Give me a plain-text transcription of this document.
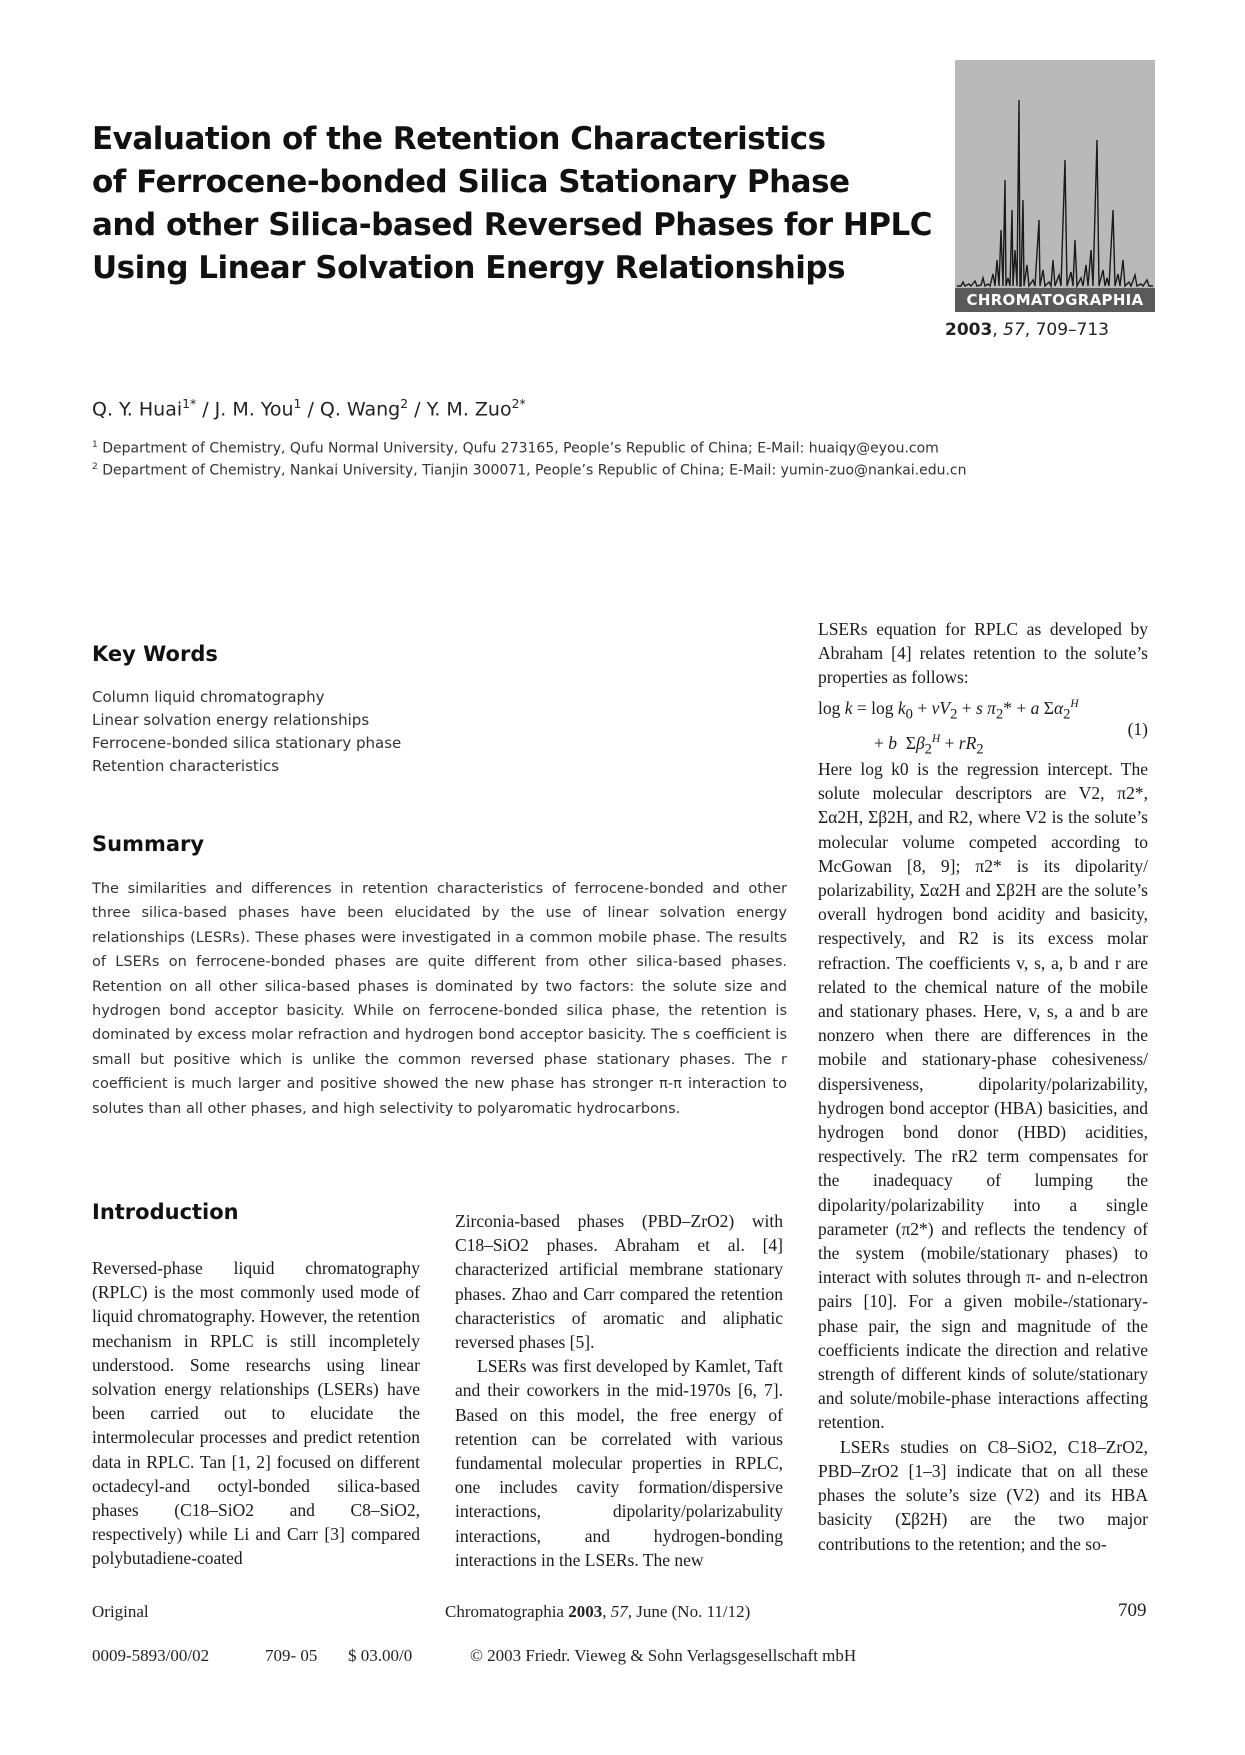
Evaluation of the Retention Characteristics
of Ferrocene-bonded Silica Stationary Phase
and other Silica-based Reversed Phases for HPLC
Using Linear Solvation Energy Relationships
CHROMATOGRAPHIA
2003, 57, 709–713
Q. Y. Huai$^{1*}$ / J. M. You$^1$ / Q. Wang$^2$ / Y. M. Zuo$^{2*}$
$^1$ Department of Chemistry, Qufu Normal University, Qufu 273165, People’s Republic of China; E-Mail: huaiqy@eyou.com
$^2$ Department of Chemistry, Nankai University, Tianjin 300071, People’s Republic of China; E-Mail: yumin-zuo@nankai.edu.cn
Key Words
Column liquid chromatography
Linear solvation energy relationships
Ferrocene-bonded silica stationary phase
Retention characteristics
Summary
The similarities and differences in retention characteristics of ferrocene-bonded and other three silica-based phases have been elucidated by the use of linear solvation energy relationships (LESRs). These phases were investigated in a common mobile phase. The results of LSERs on ferrocene-bonded phases are quite different from other silica-based phases. Retention on all other silica-based phases is dominated by two factors: the solute size and hydrogen bond acceptor basicity. While on ferrocene-bonded silica phase, the retention is dominated by excess molar refraction and hydrogen bond acceptor basicity. The s coefficient is small but positive which is unlike the common reversed phase stationary phases. The r coefficient is much larger and positive showed the new phase has stronger π-π interaction to solutes than all other phases, and high selectivity to polyaromatic hydrocarbons.
Introduction

Reversed-phase liquid chromatography (RPLC) is the most commonly used mode of liquid chromatography. However, the retention mechanism in RPLC is still incompletely understood. Some researchs using linear solvation energy relationships (LSERs) have been carried out to elucidate the intermolecular processes and predict retention data in RPLC. Tan [1, 2] focused on different octadecyl-and octyl-bonded silica-based phases (C18–SiO2 and C8–SiO2, respectively) while Li and Carr [3] compared polybutadiene-coated

Zirconia-based phases (PBD–ZrO2) with C18–SiO2 phases. Abraham et al. [4] characterized artificial membrane stationary phases. Zhao and Carr compared the retention characteristics of aromatic and aliphatic reversed phases [5].

LSERs was first developed by Kamlet, Taft and their coworkers in the mid-1970s [6, 7]. Based on this model, the free energy of retention can be correlated with various fundamental molecular properties in RPLC, one includes cavity formation/dispersive interactions, dipolarity/polarizabulity interactions, and hydrogen-bonding interactions in the LSERs. The new

LSERs equation for RPLC as developed by Abraham [4] relates retention to the solute’s properties as follows:

$\log k = \log k_0 + vV_2 + s$ $\pi_2* + a$ $\Sigma\alpha_2^H$
+ b  $\Sigma\beta_2^H + rR_2$
(1)

Here log k0 is the regression intercept. The solute molecular descriptors are V2, π2*, Σα2H, Σβ2H, and R2, where V2 is the solute’s molecular volume competed according to McGowan [8, 9]; π2* is its dipolarity/ polarizability, Σα2H and Σβ2H are the solute’s overall hydrogen bond acidity and basicity, respectively, and R2 is its excess molar refraction. The coefficients v, s, a, b and r are related to the chemical nature of the mobile and stationary phases. Here, v, s, a and b are nonzero when there are differences in the mobile and stationary-phase cohesiveness/ dispersiveness, dipolarity/polarizability, hydrogen bond acceptor (HBA) basicities, and hydrogen bond donor (HBD) acidities, respectively. The rR2 term compensates for the inadequacy of lumping the dipolarity/polarizability into a single parameter (π2*) and reflects the tendency of the system (mobile/stationary phases) to interact with solutes through π- and n-electron pairs [10]. For a given mobile-/stationary-phase pair, the sign and magnitude of the coefficients indicate the direction and relative strength of different kinds of solute/stationary and solute/mobile-phase interactions affecting retention.

LSERs studies on C8–SiO2, C18–ZrO2, PBD–ZrO2 [1–3] indicate that on all these phases the solute’s size (V2) and its HBA basicity (Σβ2H) are the two major contributions to the retention; and the so-

Original	Chromatographia 2003, 57, June (No. 11/12)	709
0009-5893/00/02	709- 05 $ 03.00/0	© 2003 Friedr. Vieweg & Sohn Verlagsgesellschaft mbH
